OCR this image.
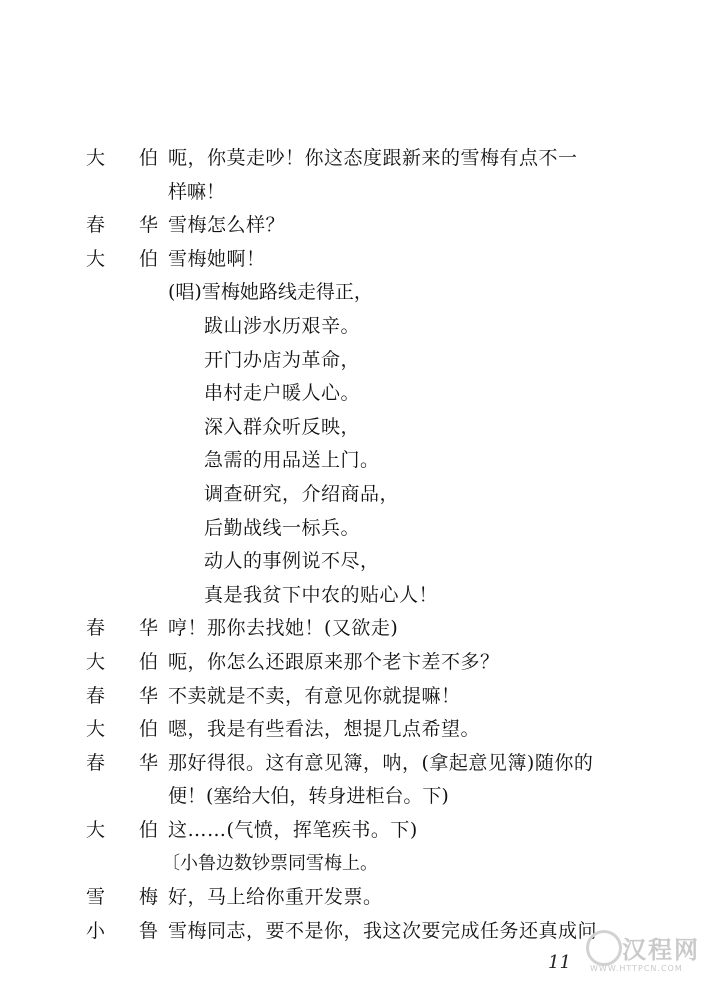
大 伯 呃，你莫走吵！你这态度跟新来的雪梅有点不一
样嘛！
春 华 雪梅怎么样？
大 伯 雪梅她啊！
(唱)雪梅她路线走得正，
跋山涉水历艰辛。
开门办店为革命，
串村走户暖人心。
深入群众听反映，
急需的用品送上门。
调查研究，介绍商品，
后勤战线一标兵。
动人的事例说不尽，
真是我贫下中农的贴心人！
春 华 哼！那你去找她！(又欲走)
大 伯 呃，你怎么还跟原来那个老卞差不多？
春 华 不卖就是不卖，有意见你就提嘛！
大 伯 嗯，我是有些看法，想提几点希望。
春 华 那好得很。这有意见簿，呐，(拿起意见簿)随你的
便！(塞给大伯，转身进柜台。下)
大 伯 这……(气愤，挥笔疾书。下)
〔小鲁边数钞票同雪梅上。
雪 梅 好，马上给你重开发票。
小 鲁 雪梅同志，要不是你，我这次要完成任务还真成问
11 汉程网
WWW.HTTPCN.COM
